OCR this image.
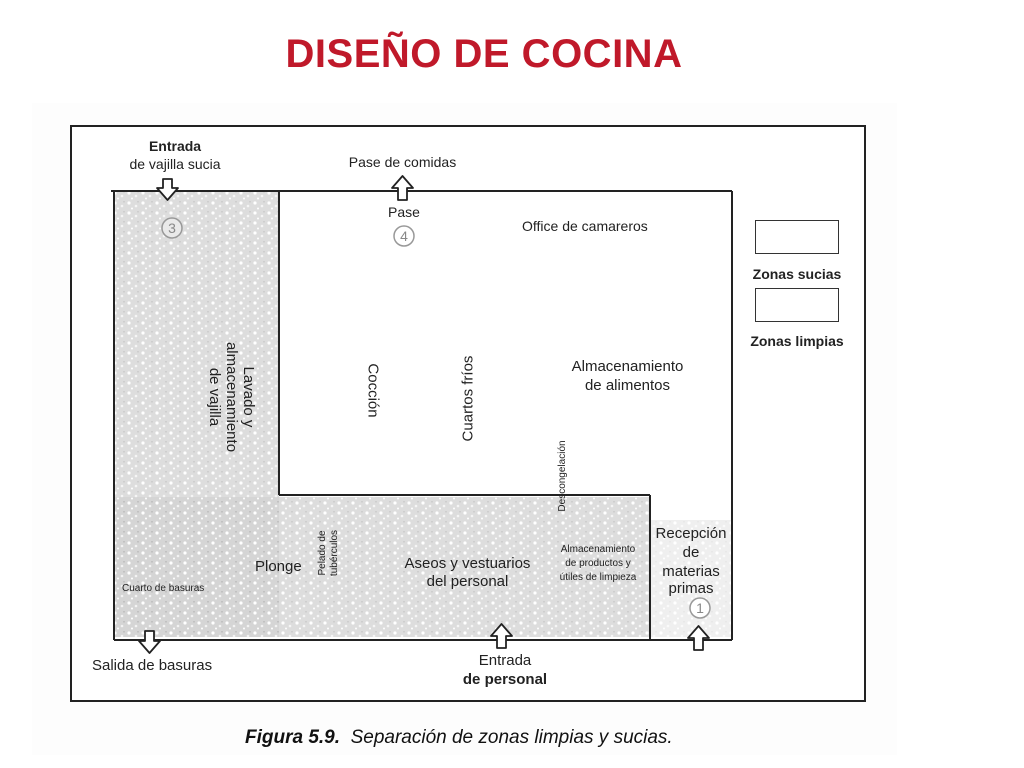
DISEÑO DE COCINA
3	4
1
Entrada
de vajilla sucia	Pase de comidas
Pase
Office de camareros
Lavado y
almacenamiento
de vajilla	Cocción	Cuartos fríos	Almacenamiento
de alimentos
Descongelación
Recepción
de
materias
primas
Plonge Pelado de tubérculos	Aseos y vestuarios
del personal
Almacenamiento
de productos y
útiles de limpieza
Cuarto de basuras
Salida de basuras	Entrada
de personal
Zonas sucias
Zonas limpias
Figura 5.9. Separación de zonas limpias y sucias.
